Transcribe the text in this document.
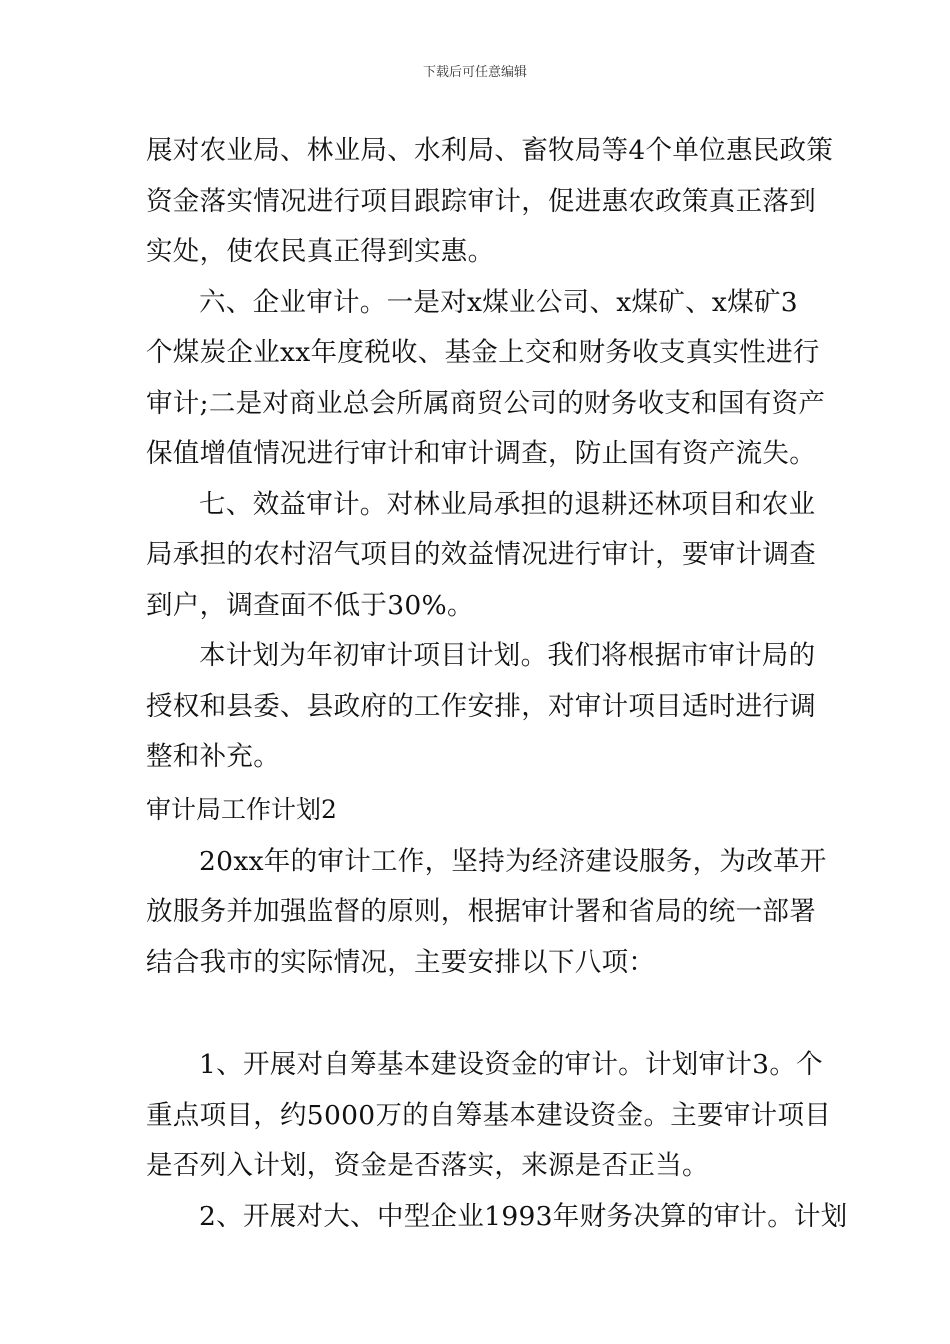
下载后可任意编辑
展对农业局、林业局、水利局、畜牧局等4个单位惠民政策
资金落实情况进行项目跟踪审计，促进惠农政策真正落到
实处，使农民真正得到实惠。
六、企业审计。一是对x煤业公司、x煤矿、x煤矿3
个煤炭企业xx年度税收、基金上交和财务收支真实性进行
审计;二是对商业总会所属商贸公司的财务收支和国有资产
保值增值情况进行审计和审计调查，防止国有资产流失。
七、效益审计。对林业局承担的退耕还林项目和农业
局承担的农村沼气项目的效益情况进行审计，要审计调查
到户，调查面不低于30%。
本计划为年初审计项目计划。我们将根据市审计局的
授权和县委、县政府的工作安排，对审计项目适时进行调
整和补充。
审计局工作计划2
20xx年的审计工作，坚持为经济建设服务，为改革开
放服务并加强监督的原则，根据审计署和省局的统一部署
结合我市的实际情况，主要安排以下八项：
1、开展对自筹基本建设资金的审计。计划审计3。个
重点项目，约5000万的自筹基本建设资金。主要审计项目
是否列入计划，资金是否落实，来源是否正当。
2、开展对大、中型企业1993年财务决算的审计。计划
